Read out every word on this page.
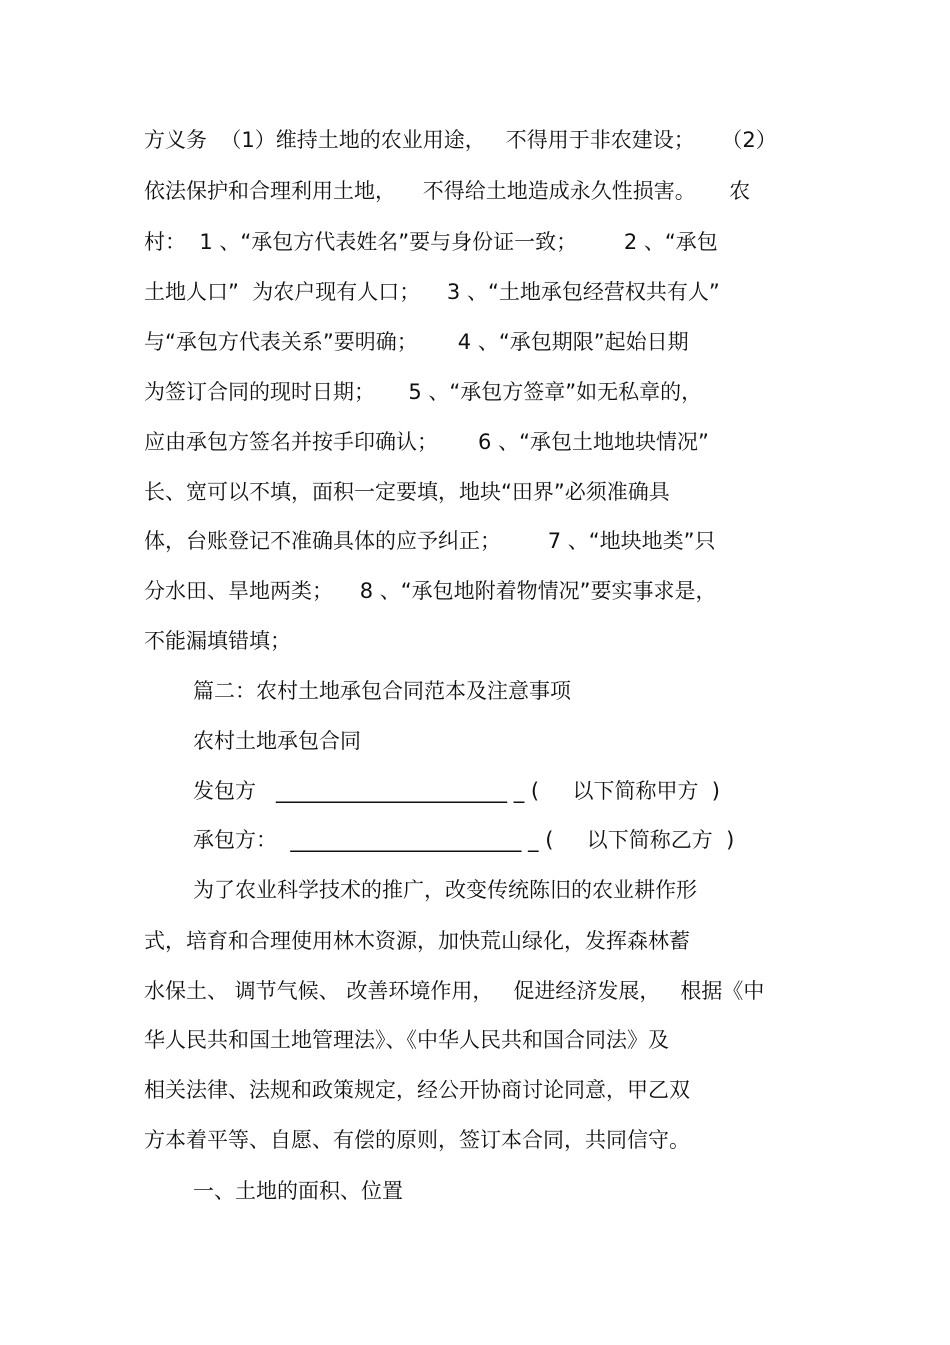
方义务  （1）维持土地的农业用途，   不得用于非农建设；    （2）
依法保护和合理利用土地，    不得给土地造成永久性损害。     农
村：  1 、“承包方代表姓名”要与身份证一致；       2 、“承包
土地人口”  为农户现有人口；    3 、“土地承包经营权共有人”
与“承包方代表关系”要明确；      4 、“承包期限”起始日期
为签订合同的现时日期；     5 、“承包方签章”如无私章的，
应由承包方签名并按手印确认；      6 、“承包土地地块情况”
长、宽可以不填，面积一定要填，地块“田界”必须准确具
体，台账登记不准确具体的应予纠正；       7 、“地块地类”只
分水田、旱地两类；    8 、“承包地附着物情况”要实事求是，
不能漏填错填；
篇二：农村土地承包合同范本及注意事项
农村土地承包合同
发包方   ______________________ _ (     以下简称甲方  )
承包方：  ______________________ _ (     以下简称乙方  )
为了农业科学技术的推广，改变传统陈旧的农业耕作形
式，培育和合理使用林木资源，加快荒山绿化，发挥森林蓄
水保土、 调节气候、 改善环境作用，   促进经济发展，   根据《中
华人民共和国土地管理法》、《中华人民共和国合同法》及
相关法律、法规和政策规定，经公开协商讨论同意，甲乙双
方本着平等、自愿、有偿的原则，签订本合同，共同信守。
一、土地的面积、位置
